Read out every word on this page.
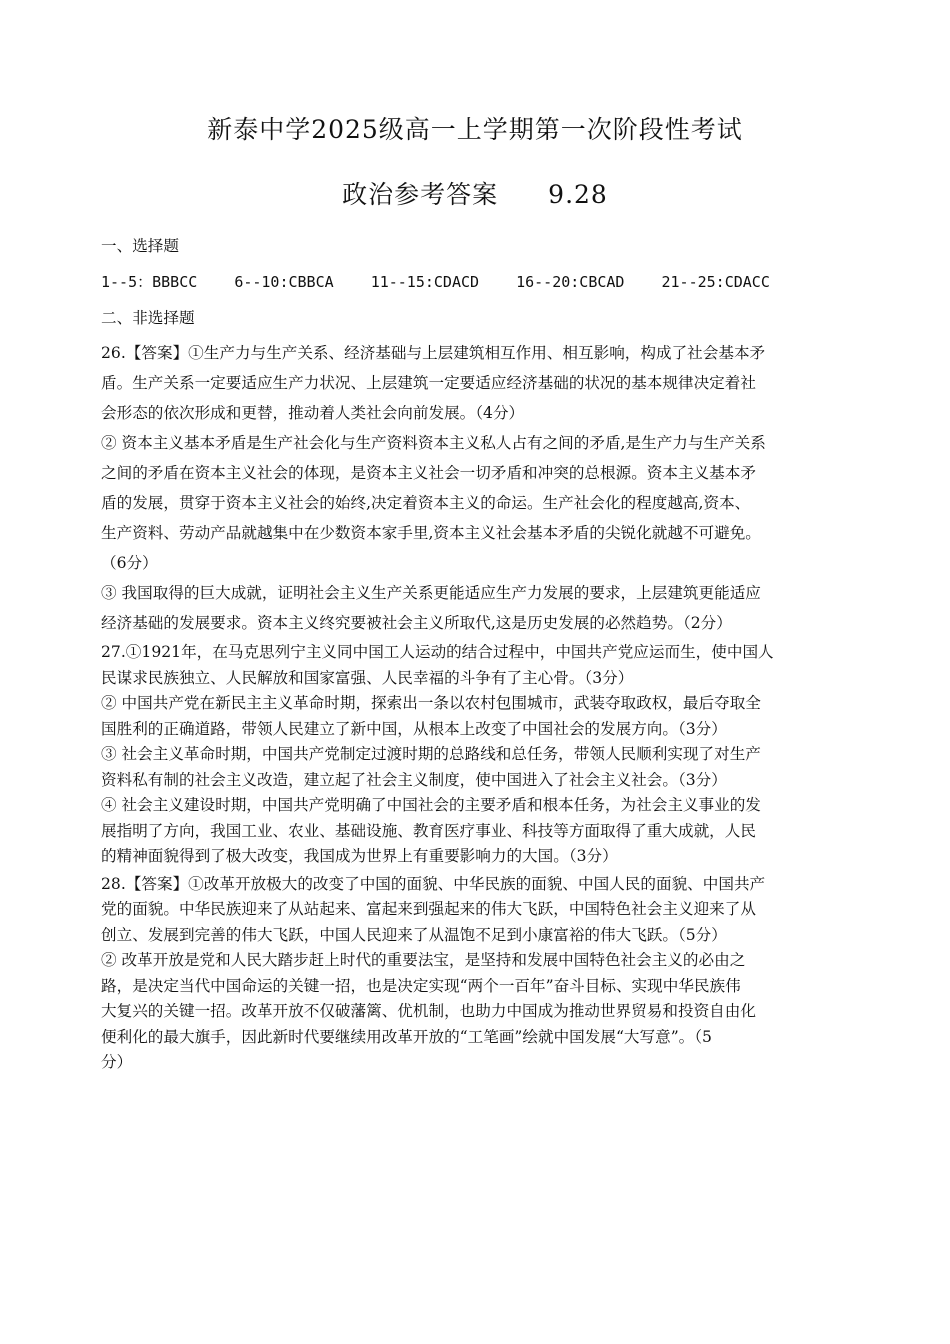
新泰中学2025级高一上学期第一次阶段性考试
政治参考答案 9.28
一、选择题
1--5：BBBCC 6--10:CBBCA 11--15:CDACD 16--20:CBCAD 21--25:CDACC
二、非选择题
26.【答案】①生产力与生产关系、经济基础与上层建筑相互作用、相互影响，构成了社会基本矛
盾。生产关系一定要适应生产力状况、上层建筑一定要适应经济基础的状况的基本规律决定着社
会形态的依次形成和更替，推动着人类社会向前发展。（4分）
② 资本主义基本矛盾是生产社会化与生产资料资本主义私人占有之间的矛盾,是生产力与生产关系
之间的矛盾在资本主义社会的体现，是资本主义社会一切矛盾和冲突的总根源。资本主义基本矛
盾的发展，贯穿于资本主义社会的始终,决定着资本主义的命运。生产社会化的程度越高,资本、
生产资料、劳动产品就越集中在少数资本家手里,资本主义社会基本矛盾的尖锐化就越不可避免。
（6分）
③ 我国取得的巨大成就，证明社会主义生产关系更能适应生产力发展的要求，上层建筑更能适应
经济基础的发展要求。资本主义终究要被社会主义所取代,这是历史发展的必然趋势。（2分）
27.①1921年，在马克思列宁主义同中国工人运动的结合过程中，中国共产党应运而生，使中国人
民谋求民族独立、人民解放和国家富强、人民幸福的斗争有了主心骨。（3分）
② 中国共产党在新民主主义革命时期，探索出一条以农村包围城市，武装夺取政权，最后夺取全
国胜利的正确道路，带领人民建立了新中国，从根本上改变了中国社会的发展方向。（3分）
③ 社会主义革命时期，中国共产党制定过渡时期的总路线和总任务，带领人民顺利实现了对生产
资料私有制的社会主义改造，建立起了社会主义制度，使中国进入了社会主义社会。（3分）
④ 社会主义建设时期，中国共产党明确了中国社会的主要矛盾和根本任务，为社会主义事业的发
展指明了方向，我国工业、农业、基础设施、教育医疗事业、科技等方面取得了重大成就，人民
的精神面貌得到了极大改变，我国成为世界上有重要影响力的大国。（3分）
28.【答案】①改革开放极大的改变了中国的面貌、中华民族的面貌、中国人民的面貌、中国共产
党的面貌。中华民族迎来了从站起来、富起来到强起来的伟大飞跃，中国特色社会主义迎来了从
创立、发展到完善的伟大飞跃，中国人民迎来了从温饱不足到小康富裕的伟大飞跃。（5分）
② 改革开放是党和人民大踏步赶上时代的重要法宝，是坚持和发展中国特色社会主义的必由之
路，是决定当代中国命运的关键一招，也是决定实现“两个一百年”奋斗目标、实现中华民族伟
大复兴的关键一招。改革开放不仅破藩篱、优机制，也助力中国成为推动世界贸易和投资自由化
便利化的最大旗手，因此新时代要继续用改革开放的“工笔画”绘就中国发展“大写意”。（5
分）
